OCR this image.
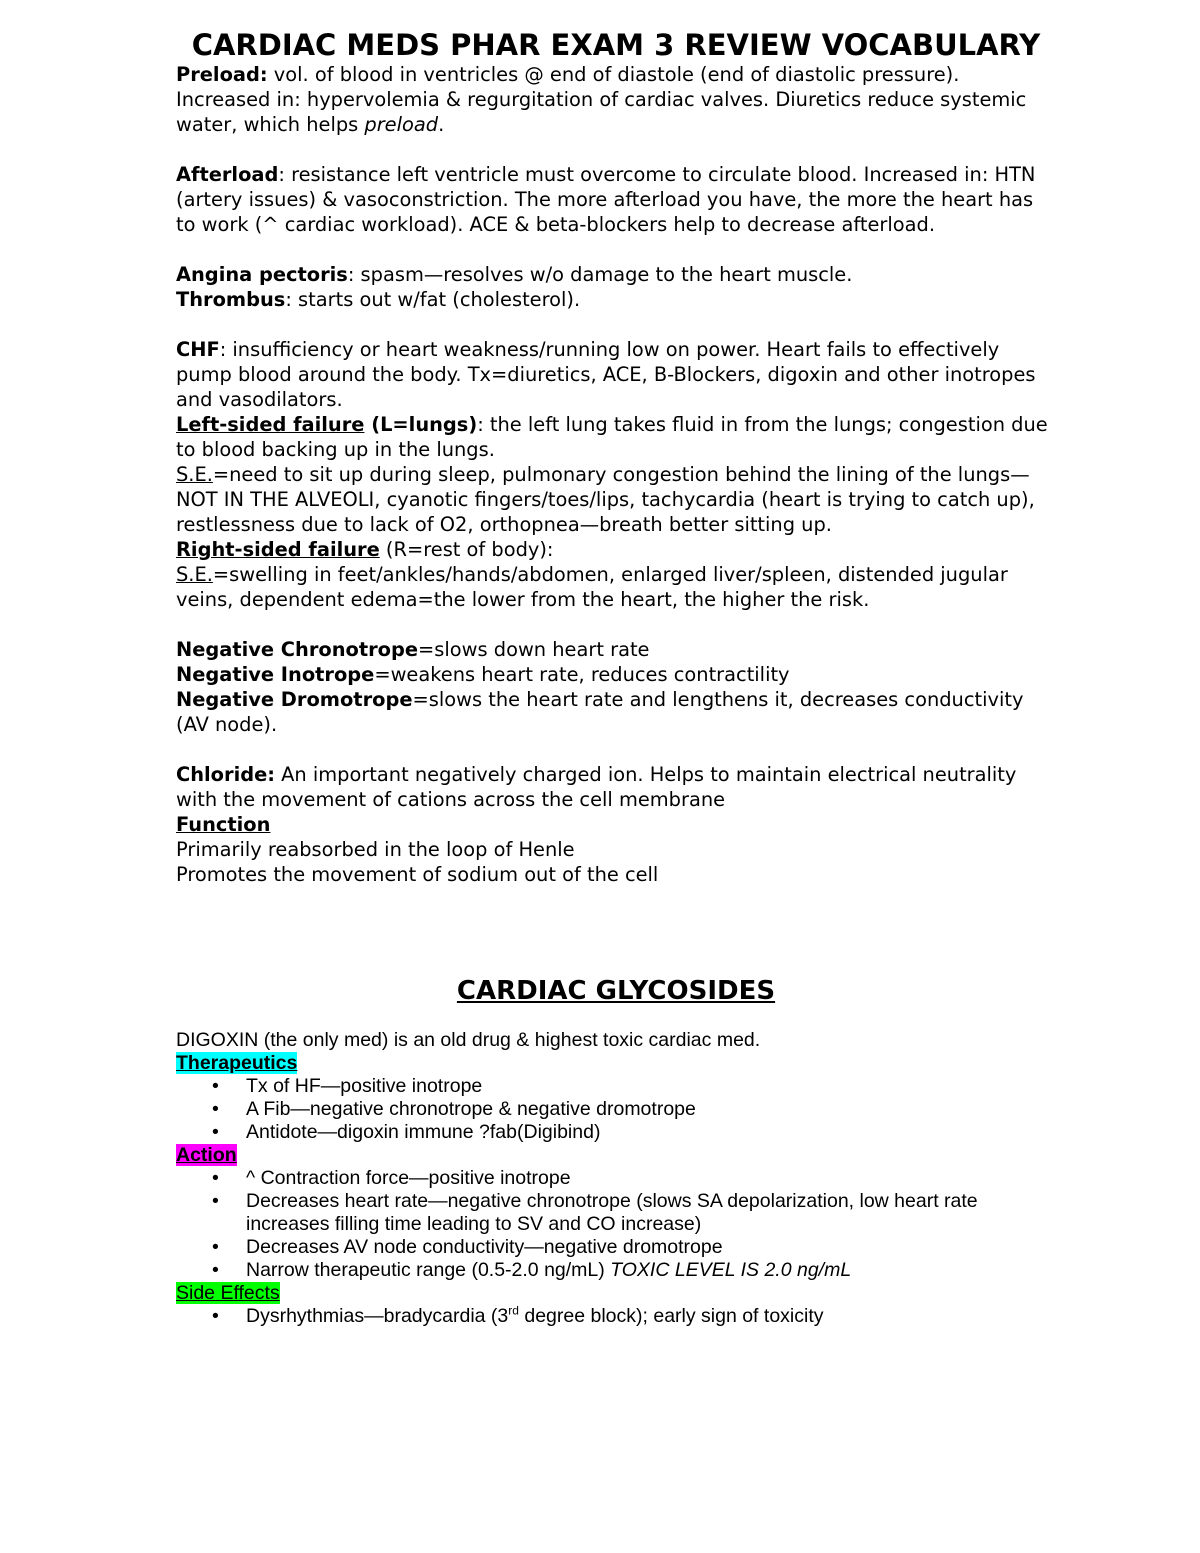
CARDIAC MEDS PHAR EXAM 3 REVIEW VOCABULARY

Preload: vol. of blood in ventricles @ end of diastole (end of diastolic pressure). Increased in: hypervolemia & regurgitation of cardiac valves. Diuretics reduce systemic water, which helps preload.

Afterload: resistance left ventricle must overcome to circulate blood. Increased in: HTN (artery issues) & vasoconstriction. The more afterload you have, the more the heart has to work (^ cardiac workload). ACE & beta-blockers help to decrease afterload.

Angina pectoris: spasm—resolves w/o damage to the heart muscle.

Thrombus: starts out w/fat (cholesterol).

CHF: insufficiency or heart weakness/running low on power. Heart fails to effectively pump blood around the body. Tx=diuretics, ACE, B-Blockers, digoxin and other inotropes and vasodilators.

Left-sided failure (L=lungs): the left lung takes fluid in from the lungs; congestion due to blood backing up in the lungs.

S.E.=need to sit up during sleep, pulmonary congestion behind the lining of the lungs—NOT IN THE ALVEOLI, cyanotic fingers/toes/lips, tachycardia (heart is trying to catch up), restlessness due to lack of O2, orthopnea—breath better sitting up.

Right-sided failure (R=rest of body):

S.E.=swelling in feet/ankles/hands/abdomen, enlarged liver/spleen, distended jugular veins, dependent edema=the lower from the heart, the higher the risk.

Negative Chronotrope=slows down heart rate

Negative Inotrope=weakens heart rate, reduces contractility

Negative Dromotrope=slows the heart rate and lengthens it, decreases conductivity (AV node).

Chloride: An important negatively charged ion. Helps to maintain electrical neutrality with the movement of cations across the cell membrane

Function

Primarily reabsorbed in the loop of Henle

Promotes the movement of sodium out of the cell

CARDIAC GLYCOSIDES

DIGOXIN (the only med) is an old drug & highest toxic cardiac med.

Therapeutics

• Tx of HF—positive inotrope
• A Fib—negative chronotrope & negative dromotrope
• Antidote—digoxin immune ?fab(Digibind)

Action

• ^ Contraction force—positive inotrope
• Decreases heart rate—negative chronotrope (slows SA depolarization, low heart rate increases filling time leading to SV and CO increase)
• Decreases AV node conductivity—negative dromotrope
• Narrow therapeutic range (0.5-2.0 ng/mL) TOXIC LEVEL IS 2.0 ng/mL

Side Effects

• Dysrhythmias—bradycardia (3rd degree block); early sign of toxicity
